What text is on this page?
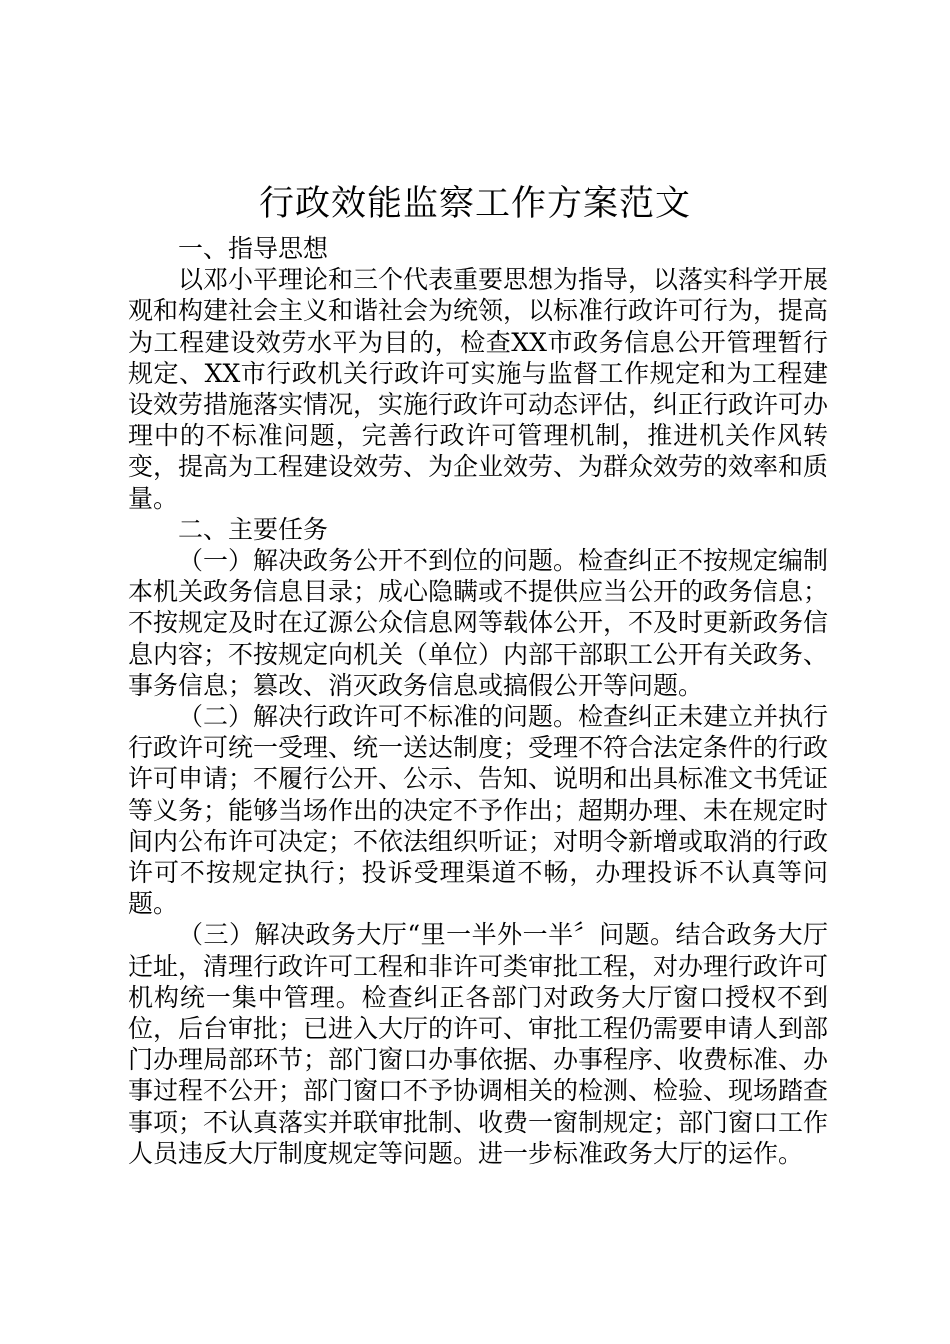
行政效能监察工作方案范文

一、指导思想

以邓小平理论和三个代表重要思想为指导，以落实科学开展观和构建社会主义和谐社会为统领，以标准行政许可行为，提高为工程建设效劳水平为目的，检查XX市政务信息公开管理暂行规定、XX市行政机关行政许可实施与监督工作规定和为工程建设效劳措施落实情况，实施行政许可动态评估，纠正行政许可办理中的不标准问题，完善行政许可管理机制，推进机关作风转变，提高为工程建设效劳、为企业效劳、为群众效劳的效率和质量。

二、主要任务

（一）解决政务公开不到位的问题。检查纠正不按规定编制本机关政务信息目录；成心隐瞒或不提供应当公开的政务信息；不按规定及时在辽源公众信息网等载体公开，不及时更新政务信息内容；不按规定向机关（单位）内部干部职工公开有关政务、事务信息；篡改、消灭政务信息或搞假公开等问题。

（二）解决行政许可不标准的问题。检查纠正未建立并执行行政许可统一受理、统一送达制度；受理不符合法定条件的行政许可申请；不履行公开、公示、告知、说明和出具标准文书凭证等义务；能够当场作出的决定不予作出；超期办理、未在规定时间内公布许可决定；不依法组织听证；对明令新增或取消的行政许可不按规定执行；投诉受理渠道不畅，办理投诉不认真等问题。

（三）解决政务大厅“里一半外一半〞问题。结合政务大厅迁址，清理行政许可工程和非许可类审批工程，对办理行政许可机构统一集中管理。检查纠正各部门对政务大厅窗口授权不到位，后台审批；已进入大厅的许可、审批工程仍需要申请人到部门办理局部环节；部门窗口办事依据、办事程序、收费标准、办事过程不公开；部门窗口不予协调相关的检测、检验、现场踏查事项；不认真落实并联审批制、收费一窗制规定；部门窗口工作人员违反大厅制度规定等问题。进一步标准政务大厅的运作。
